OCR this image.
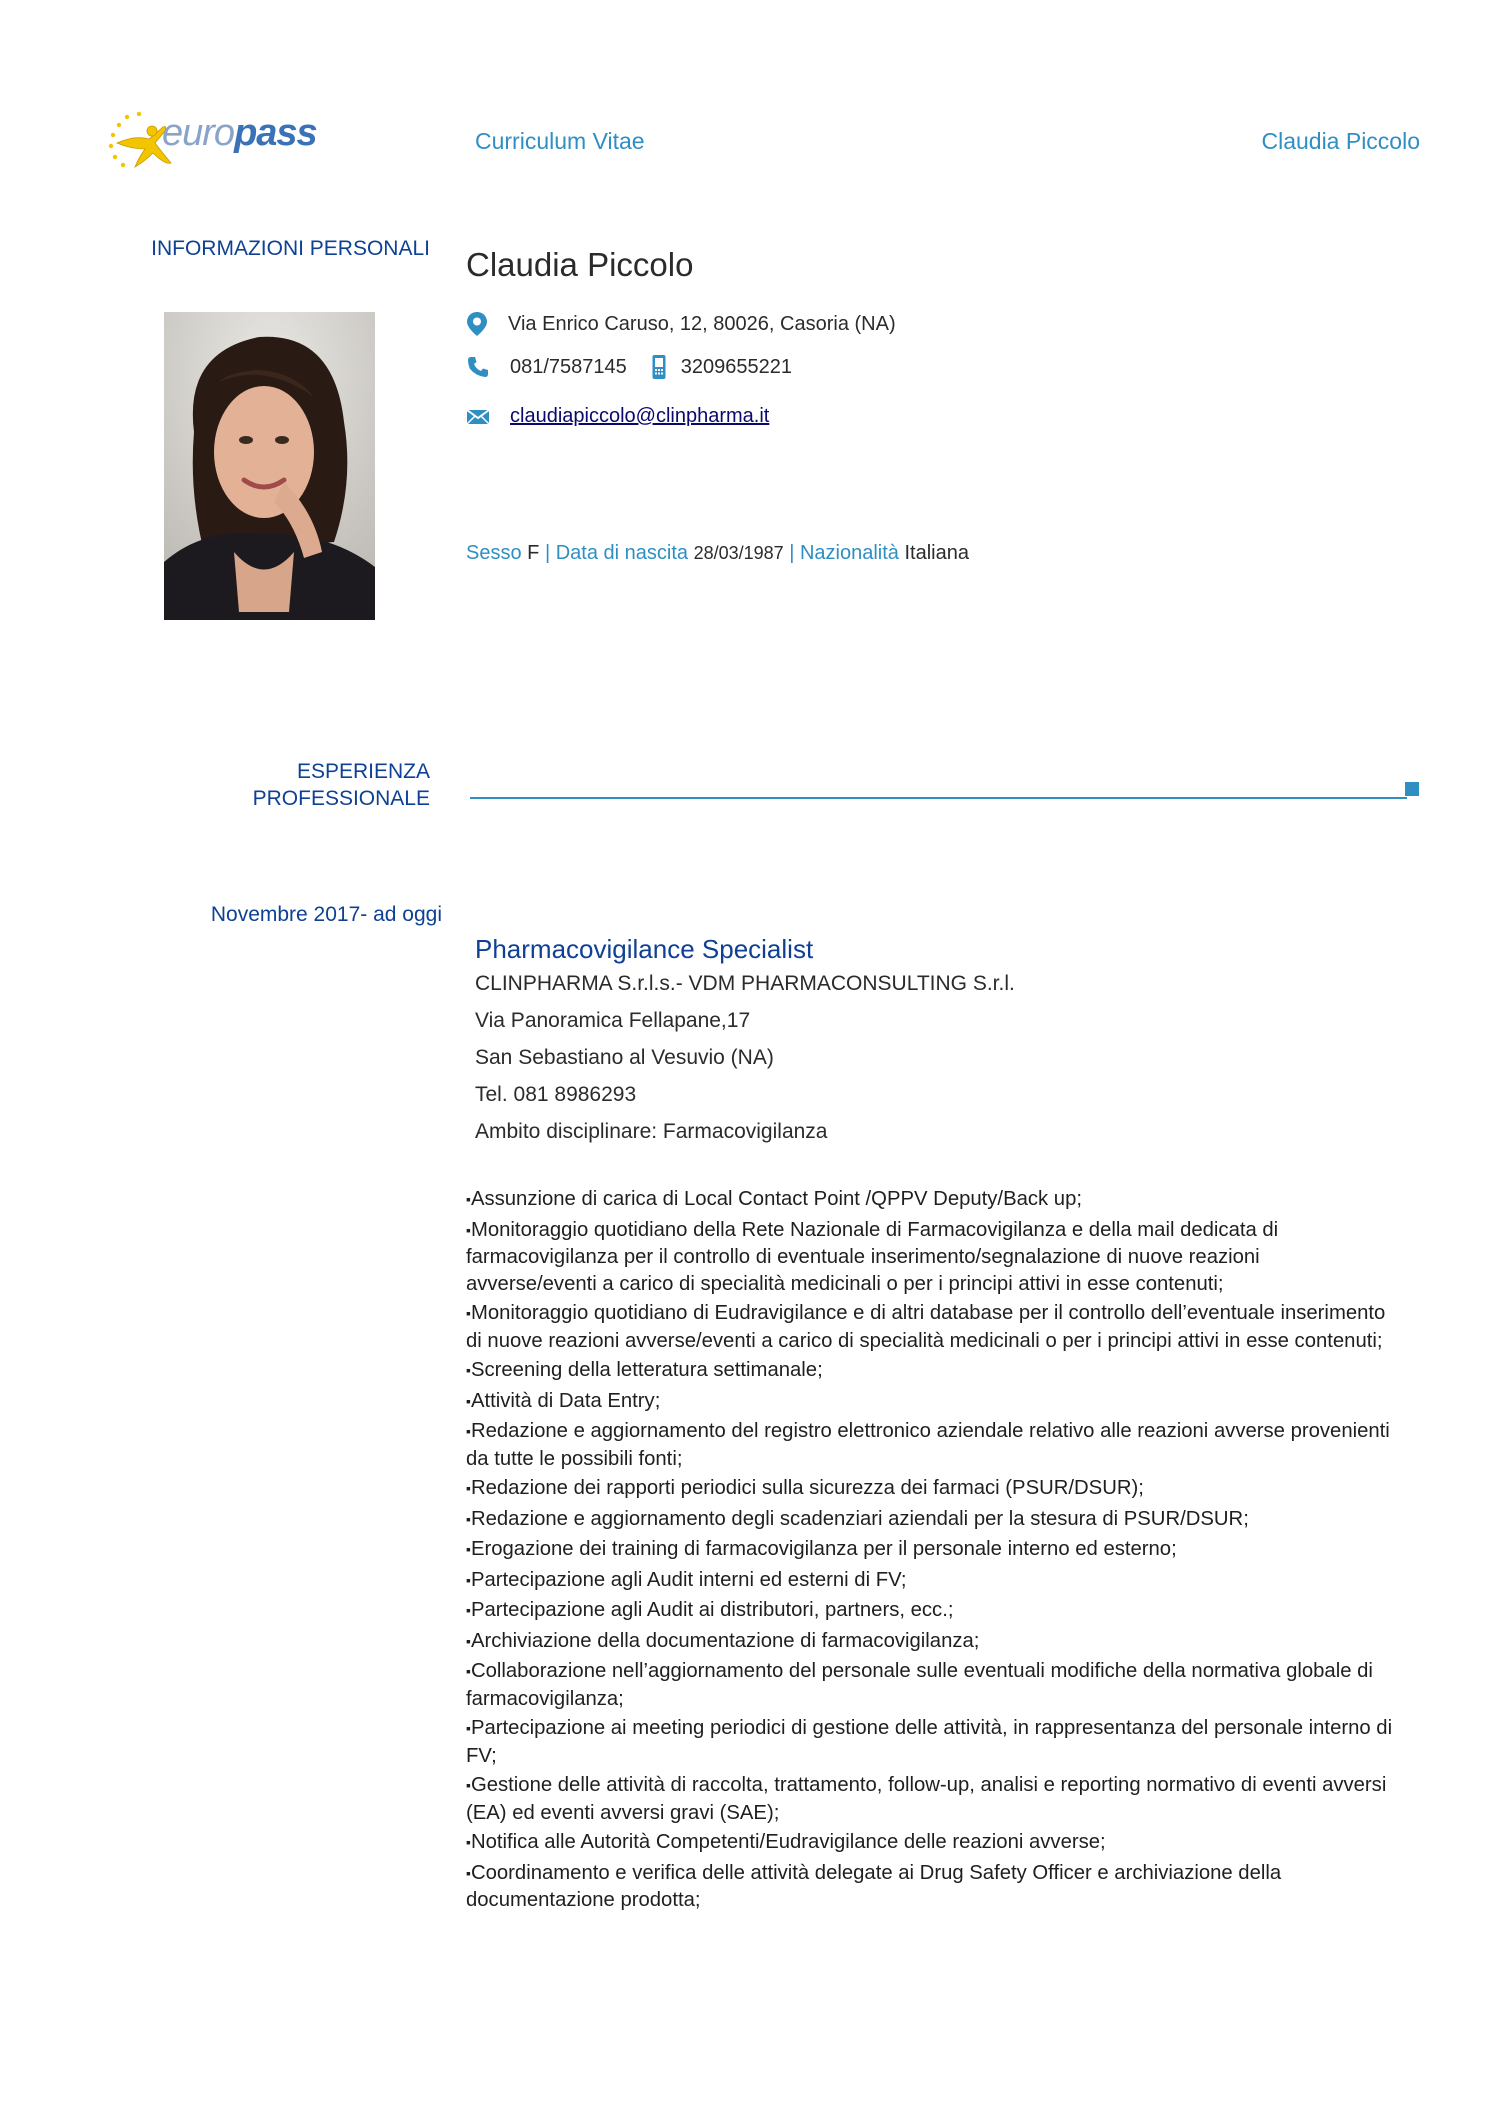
europass	Curriculum Vitae	Claudia Piccolo
INFORMAZIONI PERSONALI Claudia Piccolo
Via Enrico Caruso, 12, 80026, Casoria (NA)
081/7587145	3209655221
claudiapiccolo@clinpharma.it
Sesso F | Data di nascita 28/03/1987 | Nazionalità Italiana
ESPERIENZA
PROFESSIONALE
Novembre 2017- ad oggi
Pharmacovigilance Specialist
CLINPHARMA S.r.l.s.- VDM PHARMACONSULTING S.r.l.
Via Panoramica Fellapane,17
San Sebastiano al Vesuvio (NA)
Tel. 081 8986293
Ambito disciplinare: Farmacovigilanza
▪ Assunzione di carica di Local Contact Point /QPPV Deputy/Back up;
▪ Monitoraggio quotidiano della Rete Nazionale di Farmacovigilanza e della mail dedicata di farmacovigilanza per il controllo di eventuale inserimento/segnalazione di nuove reazioni avverse/eventi a carico di specialità medicinali o per i principi attivi in esse contenuti;
▪ Monitoraggio quotidiano di Eudravigilance e di altri database per il controllo dell’eventuale inserimento di nuove reazioni avverse/eventi a carico di specialità medicinali o per i principi attivi in esse contenuti;
▪ Screening della letteratura settimanale;
▪ Attività di Data Entry;
▪ Redazione e aggiornamento del registro elettronico aziendale relativo alle reazioni avverse provenienti da tutte le possibili fonti;
▪ Redazione dei rapporti periodici sulla sicurezza dei farmaci (PSUR/DSUR);
▪ Redazione e aggiornamento degli scadenziari aziendali per la stesura di PSUR/DSUR;
▪ Erogazione dei training di farmacovigilanza per il personale interno ed esterno;
▪ Partecipazione agli Audit interni ed esterni di FV;
▪ Partecipazione agli Audit ai distributori, partners, ecc.;
▪ Archiviazione della documentazione di farmacovigilanza;
▪ Collaborazione nell’aggiornamento del personale sulle eventuali modifiche della normativa globale di farmacovigilanza;
▪ Partecipazione ai meeting periodici di gestione delle attività, in rappresentanza del personale interno di FV;
▪ Gestione delle attività di raccolta, trattamento, follow-up, analisi e reporting normativo di eventi avversi (EA) ed eventi avversi gravi (SAE);
▪ Notifica alle Autorità Competenti/Eudravigilance delle reazioni avverse;
▪ Coordinamento e verifica delle attività delegate ai Drug Safety Officer e archiviazione della documentazione prodotta;
